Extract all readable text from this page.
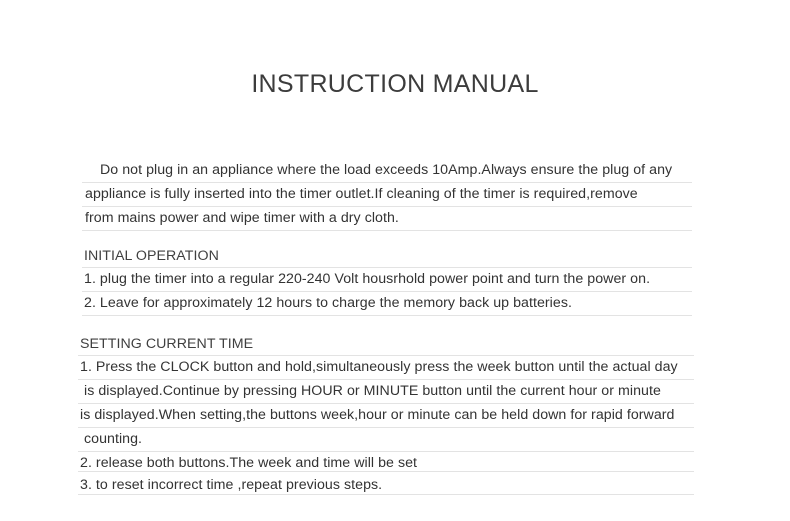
INSTRUCTION MANUAL
Do not plug in an appliance where the load exceeds 10Amp.Always ensure the plug of any
appliance is fully inserted into the timer outlet.If cleaning of the timer is required,remove
from mains power and wipe timer with a dry cloth.
INITIAL OPERATION
1. plug the timer into a regular 220-240 Volt housrhold power point and turn the power on.
2. Leave for approximately 12 hours to charge the memory back up batteries.
SETTING CURRENT TIME
1. Press the CLOCK button and hold,simultaneously press the week button until the actual day
is displayed.Continue by pressing HOUR or MINUTE button until the current hour or minute
is displayed.When setting,the buttons week,hour or minute can be held down for rapid forward
counting.
2. release both buttons.The week and time will be set
3. to reset incorrect time ,repeat previous steps.
